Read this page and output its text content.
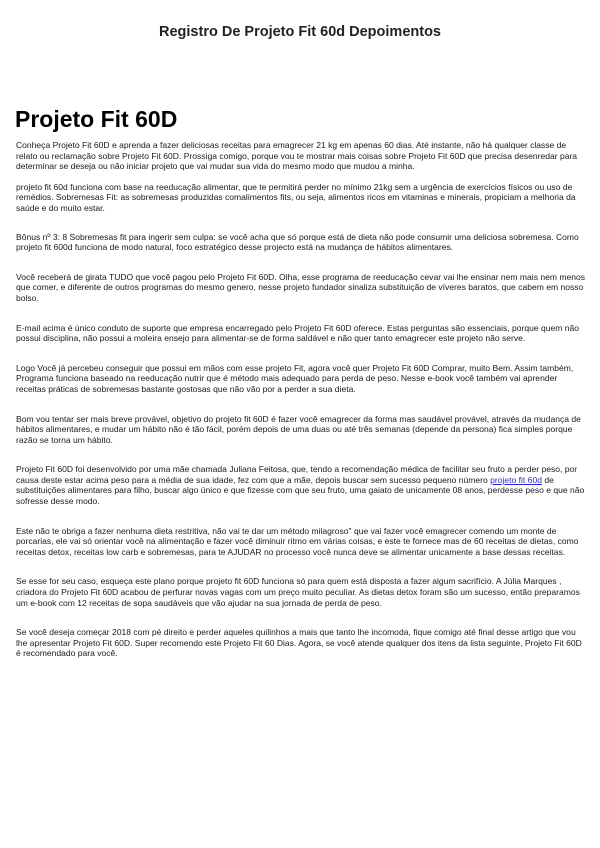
Registro De Projeto Fit 60d Depoimentos
Projeto Fit 60D

Conheça Projeto Fit 60D e aprenda a fazer deliciosas receitas para emagrecer 21 kg em apenas 60 dias. Até instante, não há qualquer classe de relato ou reclamação sobre Projeto Fit 60D. Prossiga comigo, porque vou te mostrar mais coisas sobre Projeto Fit 60D que precisa desenredar para determinar se deseja ou não iniciar projeto que vai mudar sua vida do mesmo modo que mudou a minha.

projeto fit 60d funciona com base na reeducação alimentar, que te permitirá perder no mínimo 21kg sem a urgência de exercícios físicos ou uso de remédios. Sobremesas Fit: as sobremesas produzidas comalimentos fits, ou seja, alimentos ricos em vitaminas e minerais, propiciam a melhoria da saúde e do muito estar.

Bônus nº 3: 8 Sobremesas fit para ingerir sem culpa: se você acha que só porque está de dieta não pode consumir uma deliciosa sobremesa. Como projeto fit 600d funciona de modo natural, foco estratégico desse projecto está na mudança de hábitos alimentares.

Você receberá de girata TUDO que você pagou pelo Projeto Fit 60D. Olha, esse programa de reeducação cevar vai lhe ensinar nem mais nem menos que comer, e diferente de outros programas do mesmo genero, nesse projeto fundador sinaliza substituição de víveres baratos, que cabem em nosso bolso.

E-mail acima é único conduto de suporte que empresa encarregado pelo Projeto Fit 60D oferece. Estas perguntas são essenciais, porque quem não possui disciplina, não possui a moleira ensejo para alimentar-se de forma saldável e não quer tanto emagrecer este projeto não serve.

Logo Você já percebeu conseguir que possui em mãos com esse projeto Fit, agora você quer Projeto Fit 60D Comprar, muito Bem. Assim também, Programa funciona baseado na reeducação nutrir que é método mais adequado para perda de peso. Nesse e-book você também vai aprender receitas práticas de sobremesas bastante gostosas que não vão por a perder a sua dieta.

Bom vou tentar ser mais breve provável, objetivo do projeto fit 60D é fazer você emagrecer da forma mas saudável provável, através da mudança de hábitos alimentares, e mudar um hábito não é tão fácil, porém depois de uma duas ou até três semanas (depende da persona) fica simples porque razão se torna um hábito.

Projeto Fit 60D foi desenvolvido por uma mãe chamada Juliana Feitosa, que, tendo a recomendação médica de facilitar seu fruto a perder peso, por causa deste estar acima peso para a média de sua idade, fez com que a mãe, depois buscar sem sucesso pequeno número projeto fit 60d de substituições alimentares para filho, buscar algo único e que fizesse com que seu fruto, uma gaiato de unicamente 08 anos, perdesse peso e que não sofresse desse modo.

Este não te obriga a fazer nenhuma dieta restritiva, não vai te dar um método milagroso" que vai fazer você emagrecer comendo um monte de porcarias, ele vai só orientar você na alimentação e fazer você diminuir ritmo em várias coisas, e este te fornece mas de 60 receitas de dietas, como receitas detox, receitas low carb e sobremesas, para te AJUDAR no processo você nunca deve se alimentar unicamente a base dessas receitas.

Se esse for seu caso, esqueça este plano porque projeto fit 60D funciona só para quem está disposta a fazer algum sacrifício. A Júlia Marques , criadora do Projeto Fit 60D acabou de perfurar novas vagas com um preço muito peculiar. As dietas detox foram são um sucesso, então preparamos um e-book com 12 receitas de sopa saudáveis que vão ajudar na sua jornada de perda de peso.

Se você deseja começar 2018 com pé direito e perder aqueles quilinhos a mais que tanto lhe incomoda, fique comigo até final desse artigo que vou lhe apresentar Projeto Fit 60D. Super recomendo este Projeto Fit 60 Dias. Agora, se você atende qualquer dos itens da lista seguinte, Projeto Fit 60D é recomendado para você.
